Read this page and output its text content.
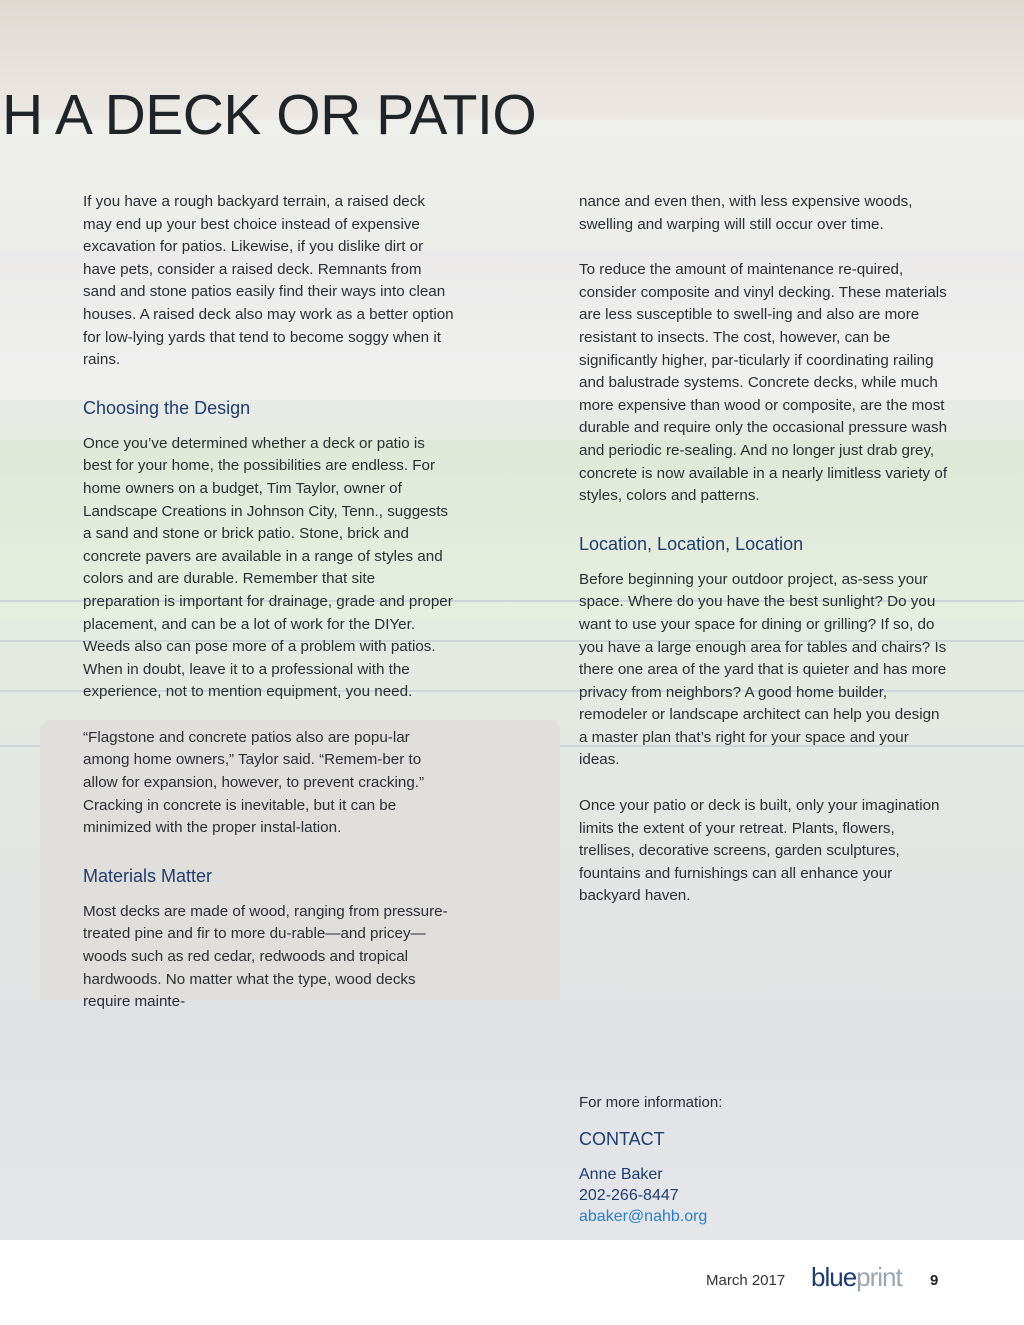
H A DECK OR PATIO

If you have a rough backyard terrain, a raised deck may end up your best choice instead of expensive excavation for patios. Likewise, if you dislike dirt or have pets, consider a raised deck. Remnants from sand and stone patios easily find their ways into clean houses. A raised deck also may work as a better option for low-lying yards that tend to become soggy when it rains.

Choosing the Design

Once you’ve determined whether a deck or patio is best for your home, the possibilities are endless. For home owners on a budget, Tim Taylor, owner of Landscape Creations in Johnson City, Tenn., suggests a sand and stone or brick patio. Stone, brick and concrete pavers are available in a range of styles and colors and are durable. Remember that site preparation is important for drainage, grade and proper placement, and can be a lot of work for the DIYer. Weeds also can pose more of a problem with patios. When in doubt, leave it to a professional with the experience, not to mention equipment, you need.

“Flagstone and concrete patios also are popu-lar among home owners,” Taylor said. “Remem-ber to allow for expansion, however, to prevent cracking.” Cracking in concrete is inevitable, but it can be minimized with the proper instal-lation.

Materials Matter

Most decks are made of wood, ranging from pressure-treated pine and fir to more du-rable—and pricey—woods such as red cedar, redwoods and tropical hardwoods. No matter what the type, wood decks require mainte-

nance and even then, with less expensive woods, swelling and warping will still occur over time.

To reduce the amount of maintenance re-quired, consider composite and vinyl decking. These materials are less susceptible to swell-ing and also are more resistant to insects. The cost, however, can be significantly higher, par-ticularly if coordinating railing and balustrade systems. Concrete decks, while much more expensive than wood or composite, are the most durable and require only the occasional pressure wash and periodic re-sealing. And no longer just drab grey, concrete is now available in a nearly limitless variety of styles, colors and patterns.

Location, Location, Location

Before beginning your outdoor project, as-sess your space. Where do you have the best sunlight? Do you want to use your space for dining or grilling? If so, do you have a large enough area for tables and chairs? Is there one area of the yard that is quieter and has more privacy from neighbors? A good home builder, remodeler or landscape architect can help you design a master plan that’s right for your space and your ideas.

Once your patio or deck is built, only your imagination limits the extent of your retreat. Plants, flowers, trellises, decorative screens, garden sculptures, fountains and furnishings can all enhance your backyard haven.

For more information:

CONTACT

Anne Baker

202-266-8447

abaker@nahb.org

March 2017 blueprint 9
